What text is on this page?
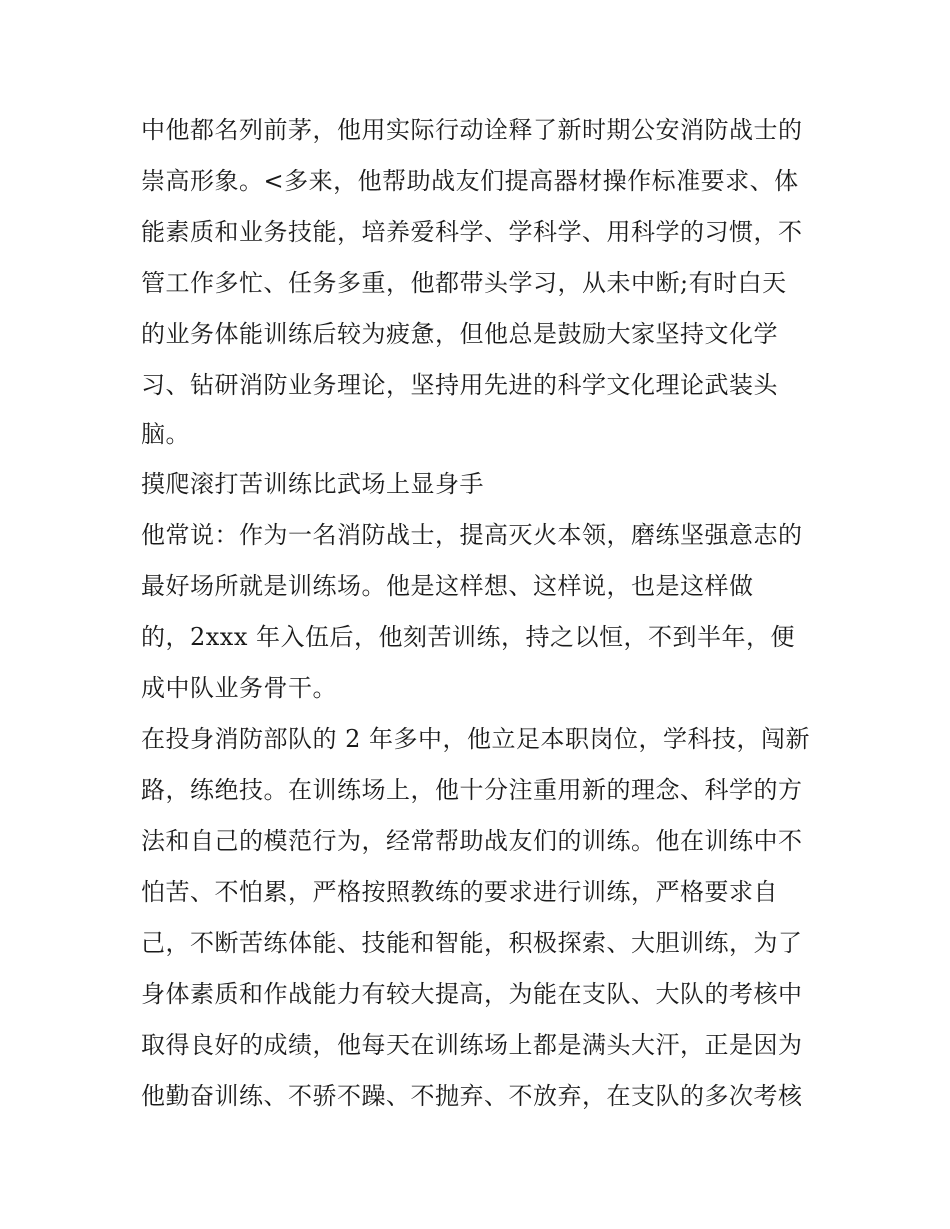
中他都名列前茅，他用实际行动诠释了新时期公安消防战士的
崇高形象。<多来，他帮助战友们提高器材操作标准要求、体
能素质和业务技能，培养爱科学、学科学、用科学的习惯，不
管工作多忙、任务多重，他都带头学习，从未中断;有时白天
的业务体能训练后较为疲惫，但他总是鼓励大家坚持文化学
习、钻研消防业务理论，坚持用先进的科学文化理论武装头
脑。
摸爬滚打苦训练比武场上显身手
他常说：作为一名消防战士，提高灭火本领，磨练坚强意志的
最好场所就是训练场。他是这样想、这样说，也是这样做
的，2xxx 年入伍后，他刻苦训练，持之以恒，不到半年，便
成中队业务骨干。
在投身消防部队的 2 年多中，他立足本职岗位，学科技，闯新
路，练绝技。在训练场上，他十分注重用新的理念、科学的方
法和自己的模范行为，经常帮助战友们的训练。他在训练中不
怕苦、不怕累，严格按照教练的要求进行训练，严格要求自
己，不断苦练体能、技能和智能，积极探索、大胆训练，为了
身体素质和作战能力有较大提高，为能在支队、大队的考核中
取得良好的成绩，他每天在训练场上都是满头大汗，正是因为
他勤奋训练、不骄不躁、不抛弃、不放弃，在支队的多次考核
